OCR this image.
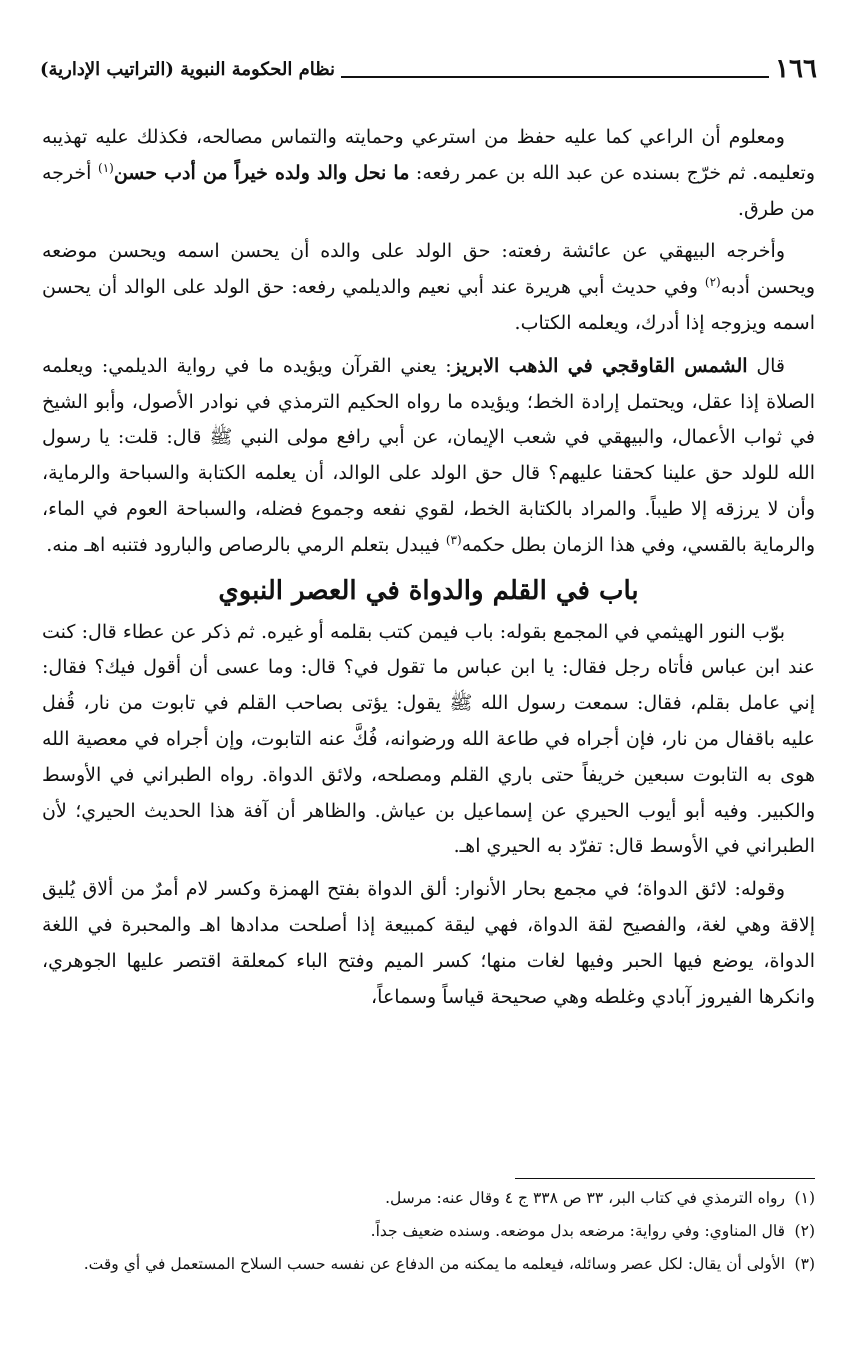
١٦٦
نظام الحكومة النبوية (التراتيب الإدارية)

ومعلوم أن الراعي كما عليه حفظ من استرعي وحمايته والتماس مصالحه، فكذلك عليه تهذيبه وتعليمه. ثم خرّج بسنده عن عبد الله بن عمر رفعه: ما نحل والد ولده خيراً من أدب حسن$^{(١)}$ أخرجه من طرق.

وأخرجه البيهقي عن عائشة رفعته: حق الولد على والده أن يحسن اسمه ويحسن موضعه ويحسن أدبه$^{(٢)}$ وفي حديث أبي هريرة عند أبي نعيم والديلمي رفعه: حق الولد على الوالد أن يحسن اسمه ويزوجه إذا أدرك، ويعلمه الكتاب.

قال الشمس القاوقجي في الذهب الابريز: يعني القرآن ويؤيده ما في رواية الديلمي: ويعلمه الصلاة إذا عقل، ويحتمل إرادة الخط؛ ويؤيده ما رواه الحكيم الترمذي في نوادر الأصول، وأبو الشيخ في ثواب الأعمال، والبيهقي في شعب الإيمان، عن أبي رافع مولى النبي ﷺ قال: قلت: يا رسول الله للولد حق علينا كحقنا عليهم؟ قال حق الولد على الوالد، أن يعلمه الكتابة والسباحة والرماية، وأن لا يرزقه إلا طيباً. والمراد بالكتابة الخط، لقوي نفعه وجموع فضله، والسباحة العوم في الماء، والرماية بالقسي، وفي هذا الزمان بطل حكمه$^{(٣)}$ فيبدل بتعلم الرمي بالرصاص والبارود فتنبه اهـ منه.

باب في القلم والدواة في العصر النبوي

بوّب النور الهيثمي في المجمع بقوله: باب فيمن كتب بقلمه أو غيره. ثم ذكر عن عطاء قال: كنت عند ابن عباس فأتاه رجل فقال: يا ابن عباس ما تقول في؟ قال: وما عسى أن أقول فيك؟ فقال: إني عامل بقلم، فقال: سمعت رسول الله ﷺ يقول: يؤتى بصاحب القلم في تابوت من نار، قُفل عليه باقفال من نار، فإن أجراه في طاعة الله ورضوانه، فُكَّ عنه التابوت، وإن أجراه في معصية الله هوى به التابوت سبعين خريفاً حتى باري القلم ومصلحه، ولائق الدواة. رواه الطبراني في الأوسط والكبير. وفيه أبو أيوب الحيري عن إسماعيل بن عياش. والظاهر أن آفة هذا الحديث الحيري؛ لأن الطبراني في الأوسط قال: تفرّد به الحيري اهـ.

وقوله: لائق الدواة؛ في مجمع بحار الأنوار: ألق الدواة بفتح الهمزة وكسر لام أمرٌ من ألاق يُليق إلاقة وهي لغة، والفصيح لقة الدواة، فهي ليقة كمبيعة إذا أصلحت مدادها اهـ والمحبرة في اللغة الدواة، يوضع فيها الحبر وفيها لغات منها؛ كسر الميم وفتح الباء كمعلقة اقتصر عليها الجوهري، وانكرها الفيروز آبادي وغلطه وهي صحيحة قياساً وسماعاً،

(١)رواه الترمذي في كتاب البر، ٣٣ ص ٣٣٨ ج ٤ وقال عنه: مرسل.

(٢)قال المناوي: وفي رواية: مرضعه بدل موضعه. وسنده ضعيف جداً.

(٣)الأولى أن يقال: لكل عصر وسائله، فيعلمه ما يمكنه من الدفاع عن نفسه حسب السلاح المستعمل في أي وقت.
